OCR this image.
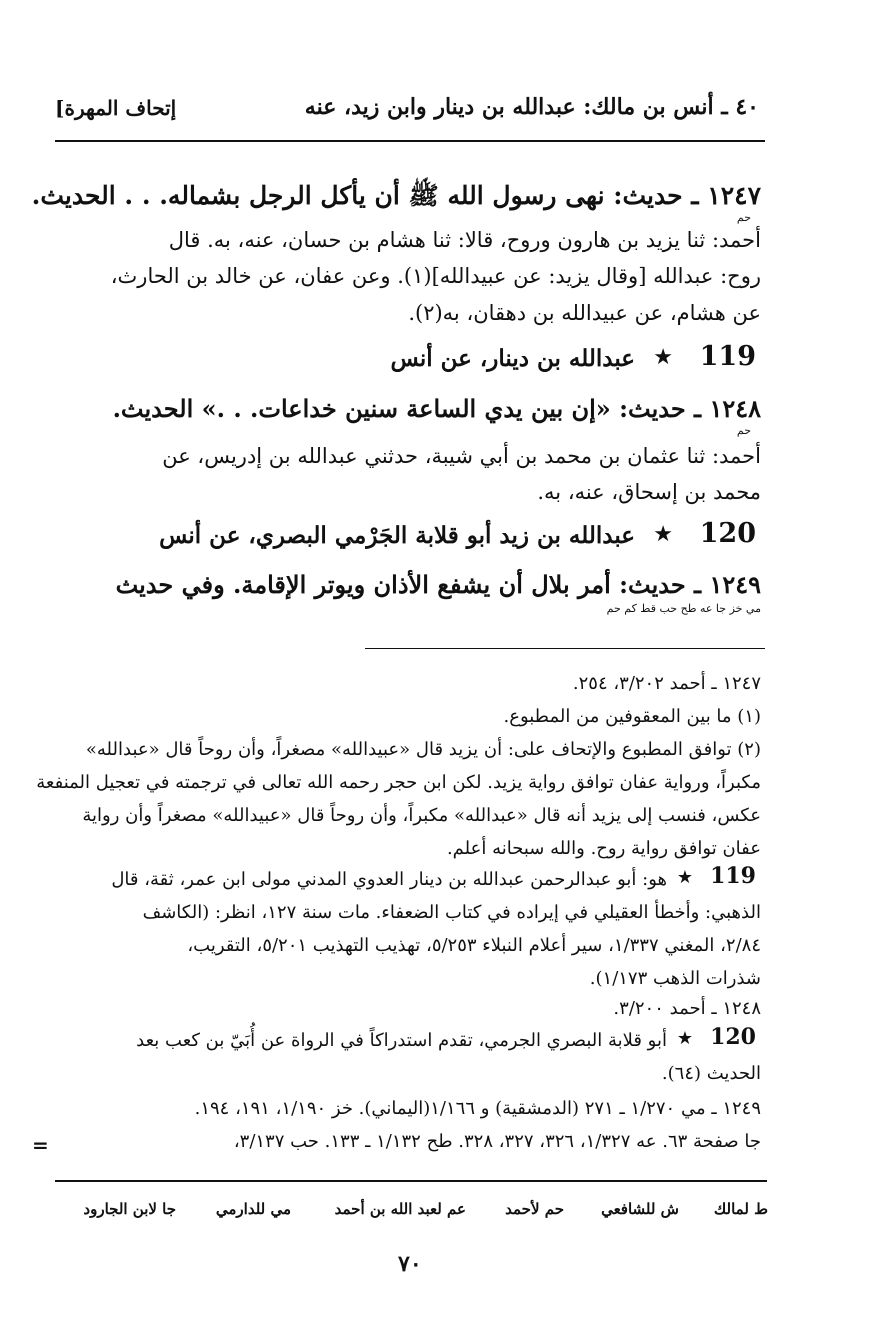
٤٠ ـ أنس بن مالك: عبدالله بن دينار وابن زيد، عنه
[إتحاف المهرة
١٢٤٧ ـ حديث: نهى رسول الله ﷺ أن يأكل الرجل بشماله. . . الحديث.
حم
أحمد: ثنا يزيد بن هارون وروح، قالا: ثنا هشام بن حسان، عنه، به. قال
روح: عبدالله [وقال يزيد: عن عبيدالله](١). وعن عفان، عن خالد بن الحارث،
عن هشام، عن عبيدالله بن دهقان، به(٢).
119
★
عبدالله بن دينار، عن أنس
١٢٤٨ ـ حديث: «إن بين يدي الساعة سنين خداعات. . .» الحديث.
حم
أحمد: ثنا عثمان بن محمد بن أبي شيبة، حدثني عبدالله بن إدريس، عن
محمد بن إسحاق، عنه، به.
120
★
عبدالله بن زيد أبو قلابة الجَرْمي البصري، عن أنس
١٢٤٩ ـ حديث: أمر بلال أن يشفع الأذان ويوتر الإقامة. وفي حديث
مي خز جا عه طح حب قط كم حم
١٢٤٧ ـ أحمد ٣/٢٠٢، ٢٥٤.
(١) ما بين المعقوفين من المطبوع.
(٢) توافق المطبوع والإتحاف على: أن يزيد قال «عبيدالله» مصغراً، وأن روحاً قال «عبدالله»
مكبراً، ورواية عفان توافق رواية يزيد. لكن ابن حجر رحمه الله تعالى في ترجمته في تعجيل المنفعة
عكس، فنسب إلى يزيد أنه قال «عبدالله» مكبراً، وأن روحاً قال «عبيدالله» مصغراً وأن رواية
عفان توافق رواية روح. والله سبحانه أعلم.
119
★
هو: أبو عبدالرحمن عبدالله بن دينار العدوي المدني مولى ابن عمر، ثقة، قال
الذهبي: وأخطأ العقيلي في إيراده في كتاب الضعفاء. مات سنة ١٢٧، انظر: (الكاشف
٢/٨٤، المغني ١/٣٣٧، سير أعلام النبلاء ٥/٢٥٣، تهذيب التهذيب ٥/٢٠١، التقريب،
شذرات الذهب ١/١٧٣).
١٢٤٨ ـ أحمد ٣/٢٠٠.
120
★
أبو قلابة البصري الجرمي، تقدم استدراكاً في الرواة عن أُبَيّ بن كعب بعد
الحديث (٦٤).
١٢٤٩ ـ مي ١/٢٧٠ ـ ٢٧١ (الدمشقية) و ١/١٦٦(اليماني). خز ١/١٩٠، ١٩١، ١٩٤.
جا صفحة ٦٣. عه ١/٣٢٧، ٣٢٦، ٣٢٧، ٣٢٨. طح ١/١٣٢ ـ ١٣٣. حب ٣/١٣٧،
=
ط لمالك
ش للشافعي
حم لأحمد
عم لعبد الله بن أحمد
مي للدارمي
جا لابن الجارود
٧٠
